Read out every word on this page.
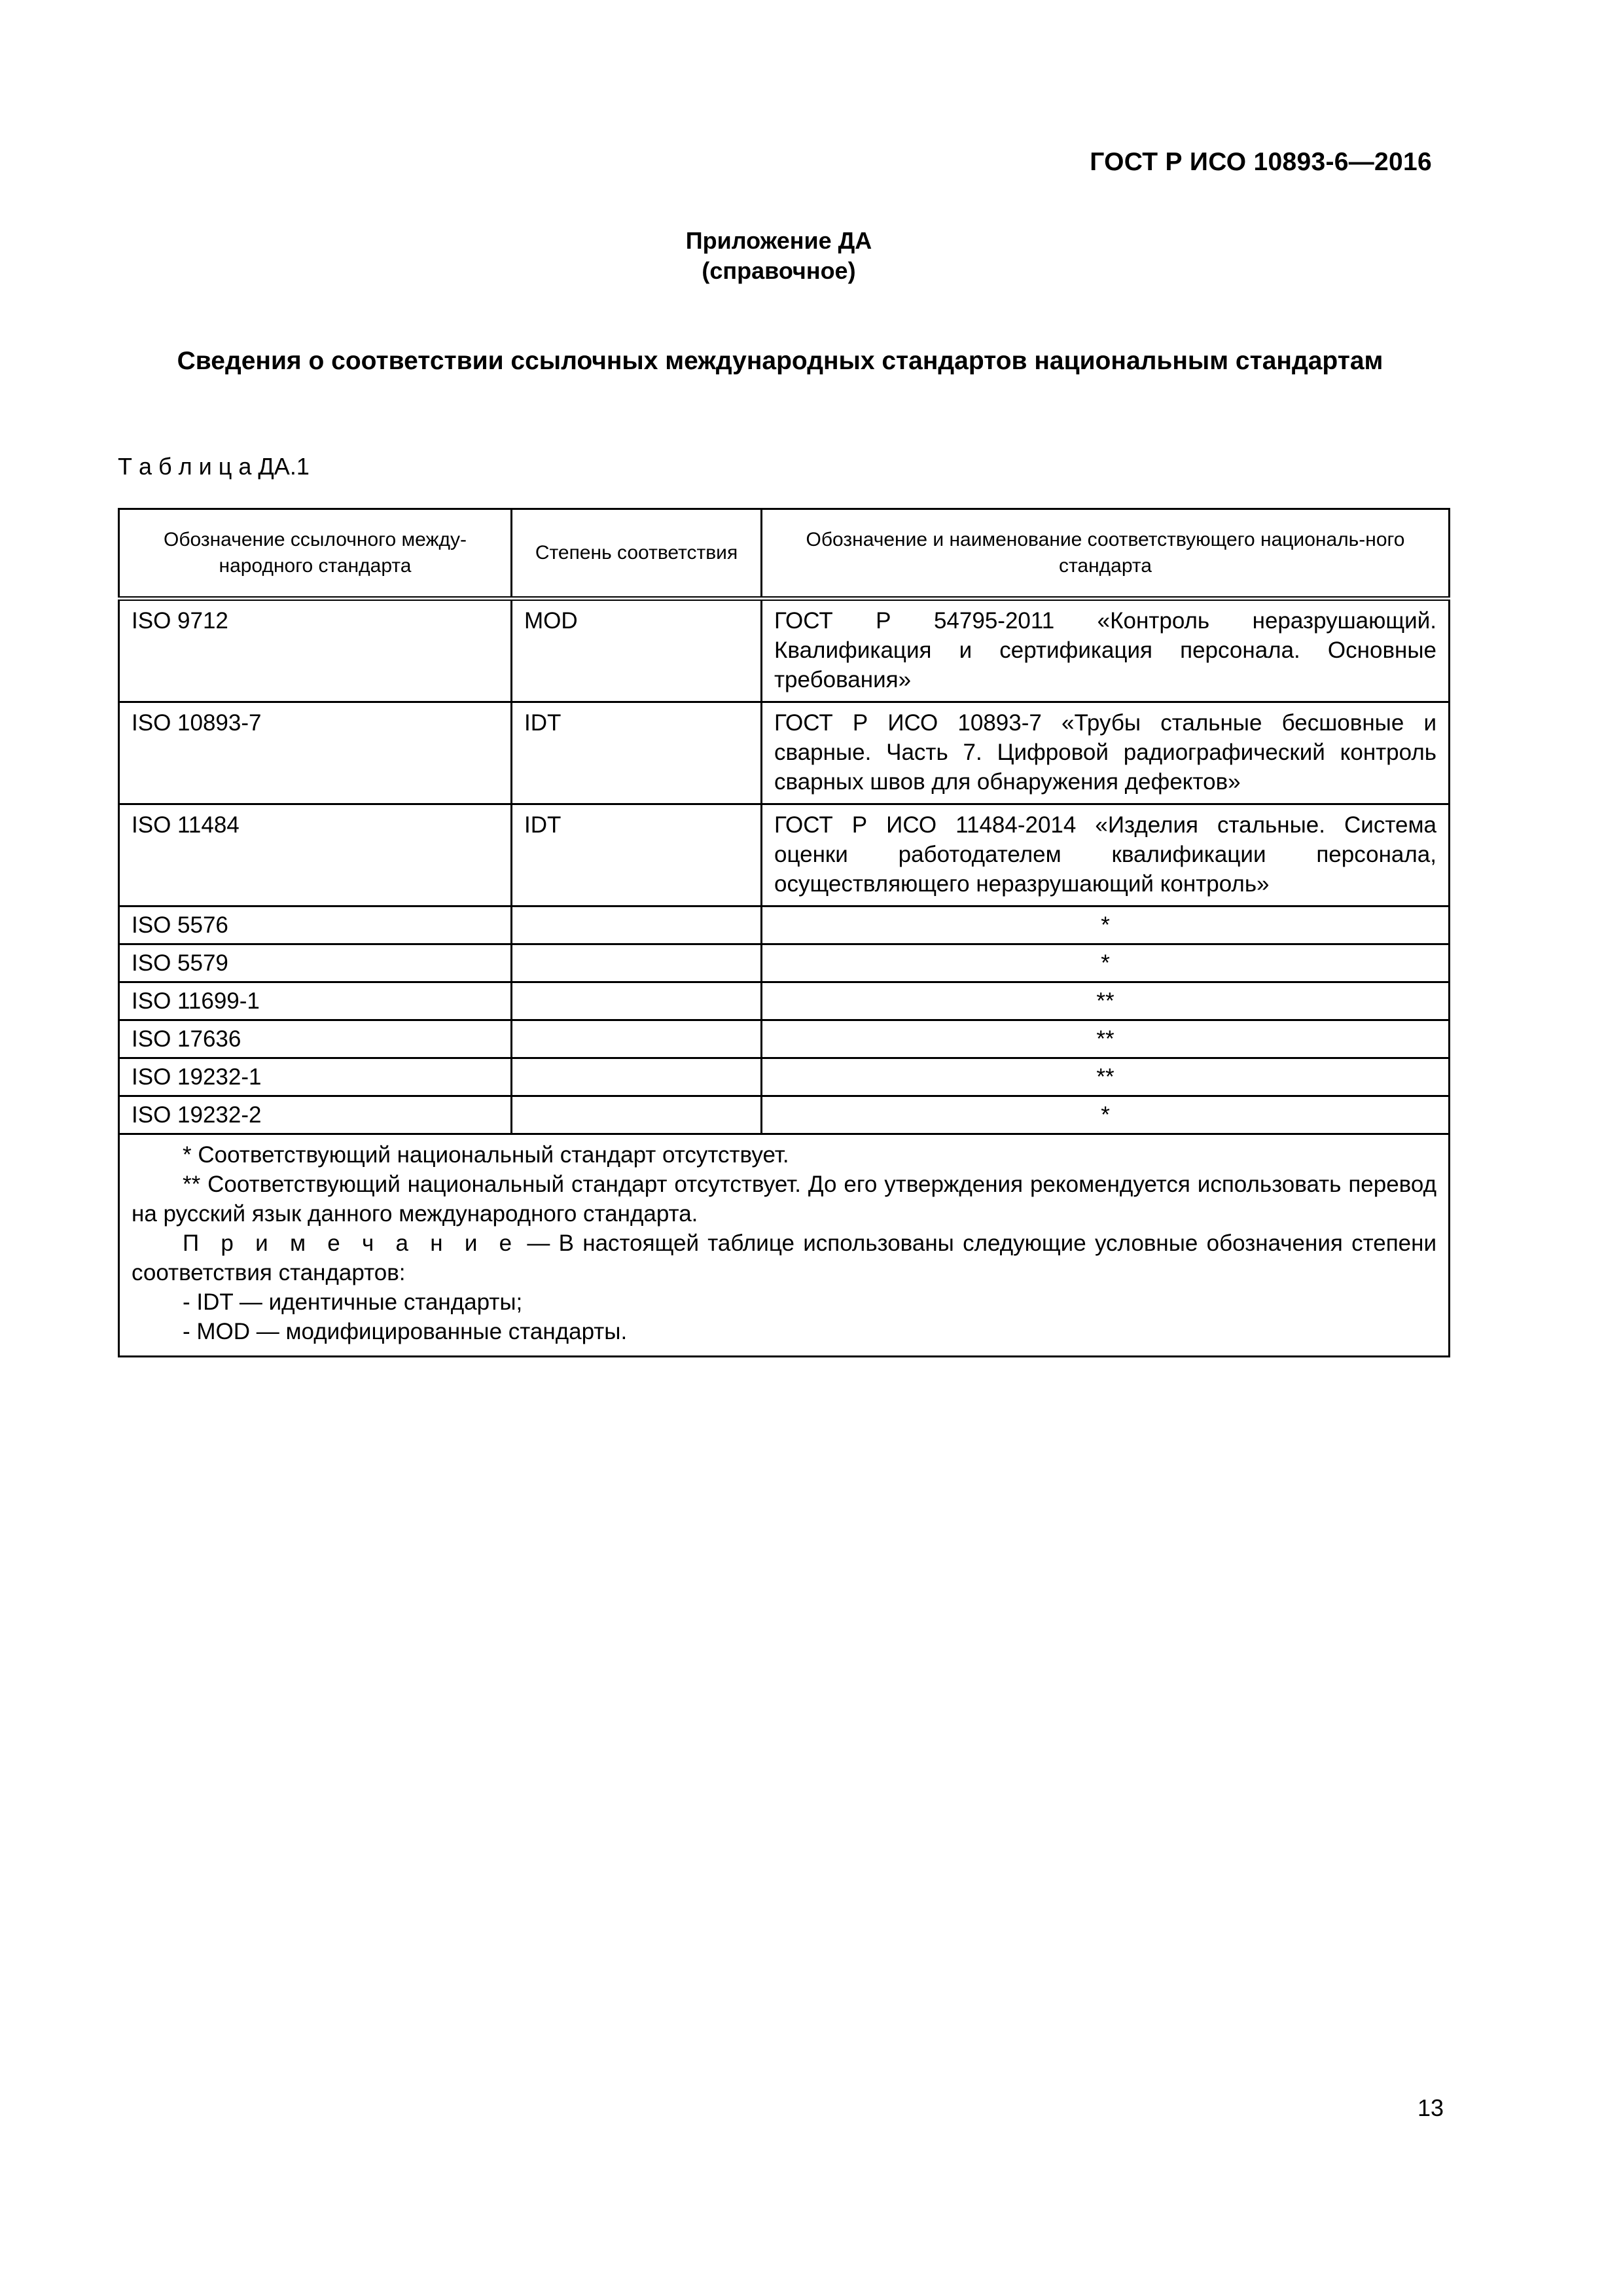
ГОСТ Р ИСО 10893-6—2016
Приложение ДА
(справочное)
Сведения о соответствии ссылочных международных стандартов национальным стандартам
Т а б л и ц а ДА.1
Обозначение ссылочного междy-народного стандарта	Степень соответствия	Обозначение и наименование соответствующего националь-ного стандарта
ISO 9712	MOD	ГОСТ Р 54795-2011 «Контроль неразрушающий. Квалификация и сертификация персонала. Основные требования»
ISO 10893-7	IDT	ГОСТ Р ИСО 10893-7 «Трубы стальные бесшовные и сварные. Часть 7. Цифровой радиографический контроль сварных швов для обнаружения дефектов»
ISO 11484	IDT	ГОСТ Р ИСО 11484-2014 «Изделия стальные. Система оценки работодателем квалификации персонала, осуществляющего неразрушающий контроль»
ISO 5576		*
ISO 5579		*
ISO 11699-1		**
ISO 17636		**
ISO 19232-1		**
ISO 19232-2		*

* Соответствующий национальный стандарт отсутствует.
** Соответствующий национальный стандарт отсутствует. До его утверждения рекомендуется использовать перевод на русский язык данного международного стандарта.
П р и м е ч а н и е — В настоящей таблице использованы следующие условные обозначения степени соответствия стандартов:
- IDT — идентичные стандарты;
- MOD — модифицированные стандарты.		
13
